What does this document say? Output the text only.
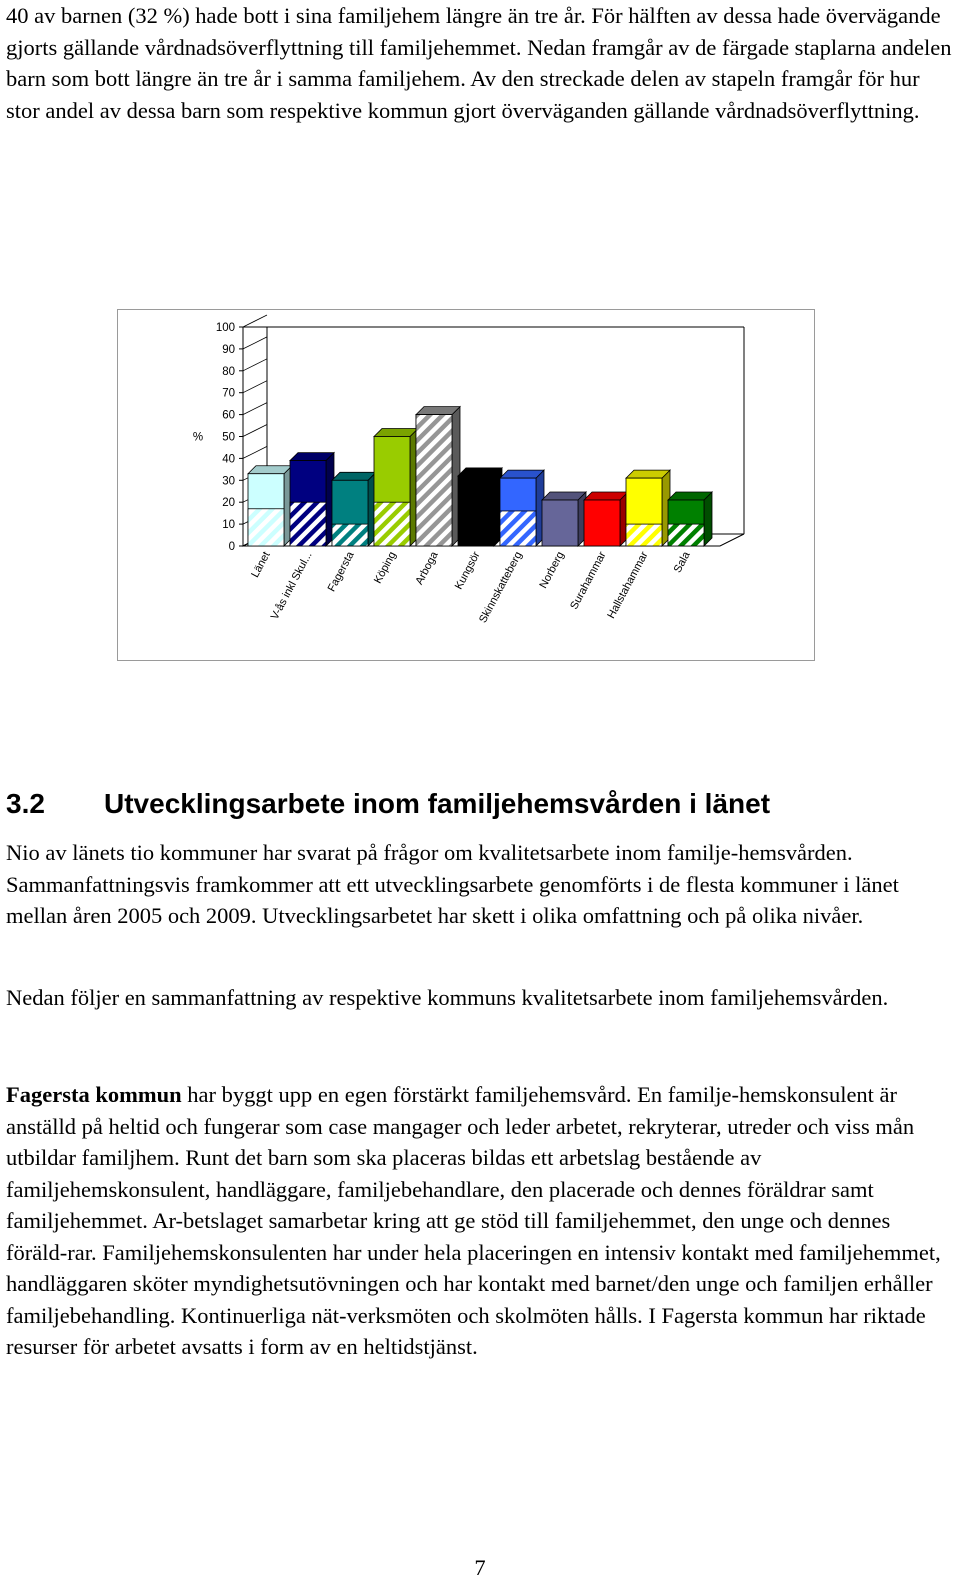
40 av barnen (32 %) hade bott i sina familjehem längre än tre år. För hälften av dessa hade övervägande gjorts gällande vårdnadsöverflyttning till familjehemmet. Nedan framgår av de färgade staplarna andelen barn som bott längre än tre år i samma familjehem. Av den streckade delen av stapeln framgår för hur stor andel av dessa barn som respektive kommun gjort överväganden gällande vårdnadsöverflyttning.

0
10
20
30
40
50
60
70
80
90
100
%
Länet
V-ås inkl Skul... Fagersta Köping Arboga Kungsör
Skinnskatteberg Norberg Surahammar
Hallstahammar Sala
3.2 Utvecklingsarbete inom familjehemsvården i länet

Nio av länets tio kommuner har svarat på frågor om kvalitetsarbete inom familje-hemsvården. Sammanfattningsvis framkommer att ett utvecklingsarbete genomförts i de flesta kommuner i länet mellan åren 2005 och 2009. Utvecklingsarbetet har skett i olika omfattning och på olika nivåer.

Nedan följer en sammanfattning av respektive kommuns kvalitetsarbete inom familjehemsvården.

Fagersta kommun har byggt upp en egen förstärkt familjehemsvård. En familje-hemskonsulent är anställd på heltid och fungerar som case mangager och leder arbetet, rekryterar, utreder och viss mån utbildar familjhem. Runt det barn som ska placeras bildas ett arbetslag bestående av familjehemskonsulent, handläggare, familjebehandlare, den placerade och dennes föräldrar samt familjehemmet. Ar-betslaget samarbetar kring att ge stöd till familjehemmet, den unge och dennes föräld-rar. Familjehemskonsulenten har under hela placeringen en intensiv kontakt med familjehemmet, handläggaren sköter myndighetsutövningen och har kontakt med barnet/den unge och familjen erhåller familjebehandling. Kontinuerliga nät-verksmöten och skolmöten hålls. I Fagersta kommun har riktade resurser för arbetet avsatts i form av en heltidstjänst.

7
